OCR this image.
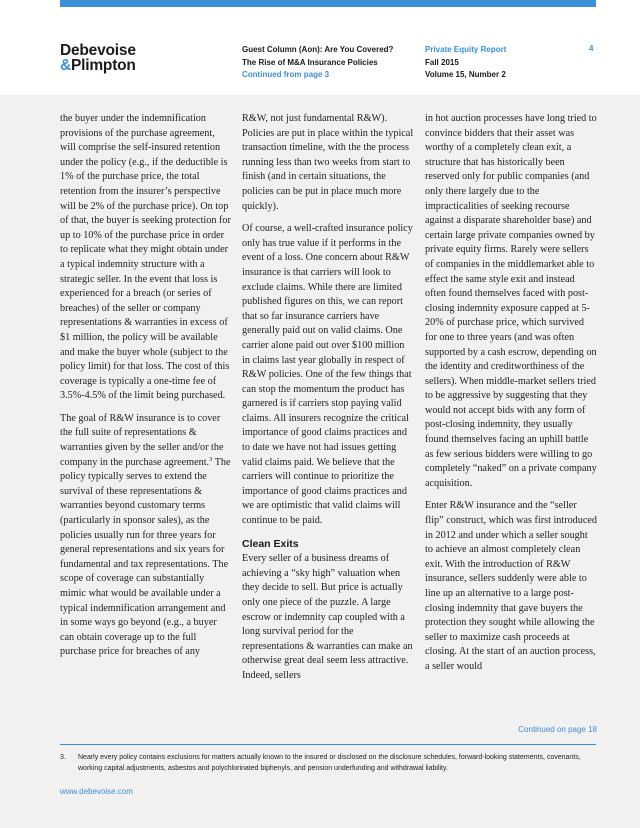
Debevoise
&Plimpton
Guest Column (Aon): Are You Covered?
The Rise of M&A Insurance Policies
Continued from page 3
Private Equity Report
Fall 2015
Volume 15, Number 2
4

the buyer under the indemnification provisions of the purchase agreement, will comprise the self-insured retention under the policy (e.g., if the deductible is 1% of the purchase price, the total retention from the insurer’s perspective will be 2% of the purchase price). On top of that, the buyer is seeking protection for up to 10% of the purchase price in order to replicate what they might obtain under a typical indemnity structure with a strategic seller. In the event that loss is experienced for a breach (or series of breaches) of the seller or company representations & warranties in excess of $1 million, the policy will be available and make the buyer whole (subject to the policy limit) for that loss. The cost of this coverage is typically a one-time fee of 3.5%-4.5% of the limit being purchased.

The goal of R&W insurance is to cover the full suite of representations & warranties given by the seller and/or the company in the purchase agreement.$^3$ The policy typically serves to extend the survival of these representations & warranties beyond customary terms (particularly in sponsor sales), as the policies usually run for three years for general representations and six years for fundamental and tax representations. The scope of coverage can substantially mimic what would be available under a typical indemnification arrangement and in some ways go beyond (e.g., a buyer can obtain coverage up to the full purchase price for breaches of any

R&W, not just fundamental R&W). Policies are put in place within the typical transaction timeline, with the the process running less than two weeks from start to finish (and in certain situations, the policies can be put in place much more quickly).

Of course, a well-crafted insurance policy only has true value if it performs in the event of a loss. One concern about R&W insurance is that carriers will look to exclude claims. While there are limited published figures on this, we can report that so far insurance carriers have generally paid out on valid claims. One carrier alone paid out over $100 million in claims last year globally in respect of R&W policies. One of the few things that can stop the momentum the product has garnered is if carriers stop paying valid claims. All insurers recognize the critical importance of good claims practices and to date we have not had issues getting valid claims paid. We believe that the carriers will continue to prioritize the importance of good claims practices and we are optimistic that valid claims will continue to be paid.

Clean Exits

Every seller of a business dreams of achieving a “sky high” valuation when they decide to sell. But price is actually only one piece of the puzzle. A large escrow or indemnity cap coupled with a long survival period for the representations & warranties can make an otherwise great deal seem less attractive. Indeed, sellers

in hot auction processes have long tried to convince bidders that their asset was worthy of a completely clean exit, a structure that has historically been reserved only for public companies (and only there largely due to the impracticalities of seeking recourse against a disparate shareholder base) and certain large private companies owned by private equity firms. Rarely were sellers of companies in the middlemarket able to effect the same style exit and instead often found themselves faced with post-closing indemnity exposure capped at 5-20% of purchase price, which survived for one to three years (and was often supported by a cash escrow, depending on the identity and creditworthiness of the sellers). When middle-market sellers tried to be aggressive by suggesting that they would not accept bids with any form of post-closing indemnity, they usually found themselves facing an uphill battle as few serious bidders were willing to go completely “naked” on a private company acquisition.

Enter R&W insurance and the “seller flip” construct, which was first introduced in 2012 and under which a seller sought to achieve an almost completely clean exit. With the introduction of R&W insurance, sellers suddenly were able to line up an alternative to a large post-closing indemnity that gave buyers the protection they sought while allowing the seller to maximize cash proceeds at closing. At the start of an auction process, a seller would

Continued on page 18
3. Nearly every policy contains exclusions for matters actually known to the insured or disclosed on the disclosure schedules, forward-looking statements, covenants, working capital adjustments, asbestos and polychlorinated biphenyls, and pension underfunding and withdrawal liability.
www.debevoise.com
